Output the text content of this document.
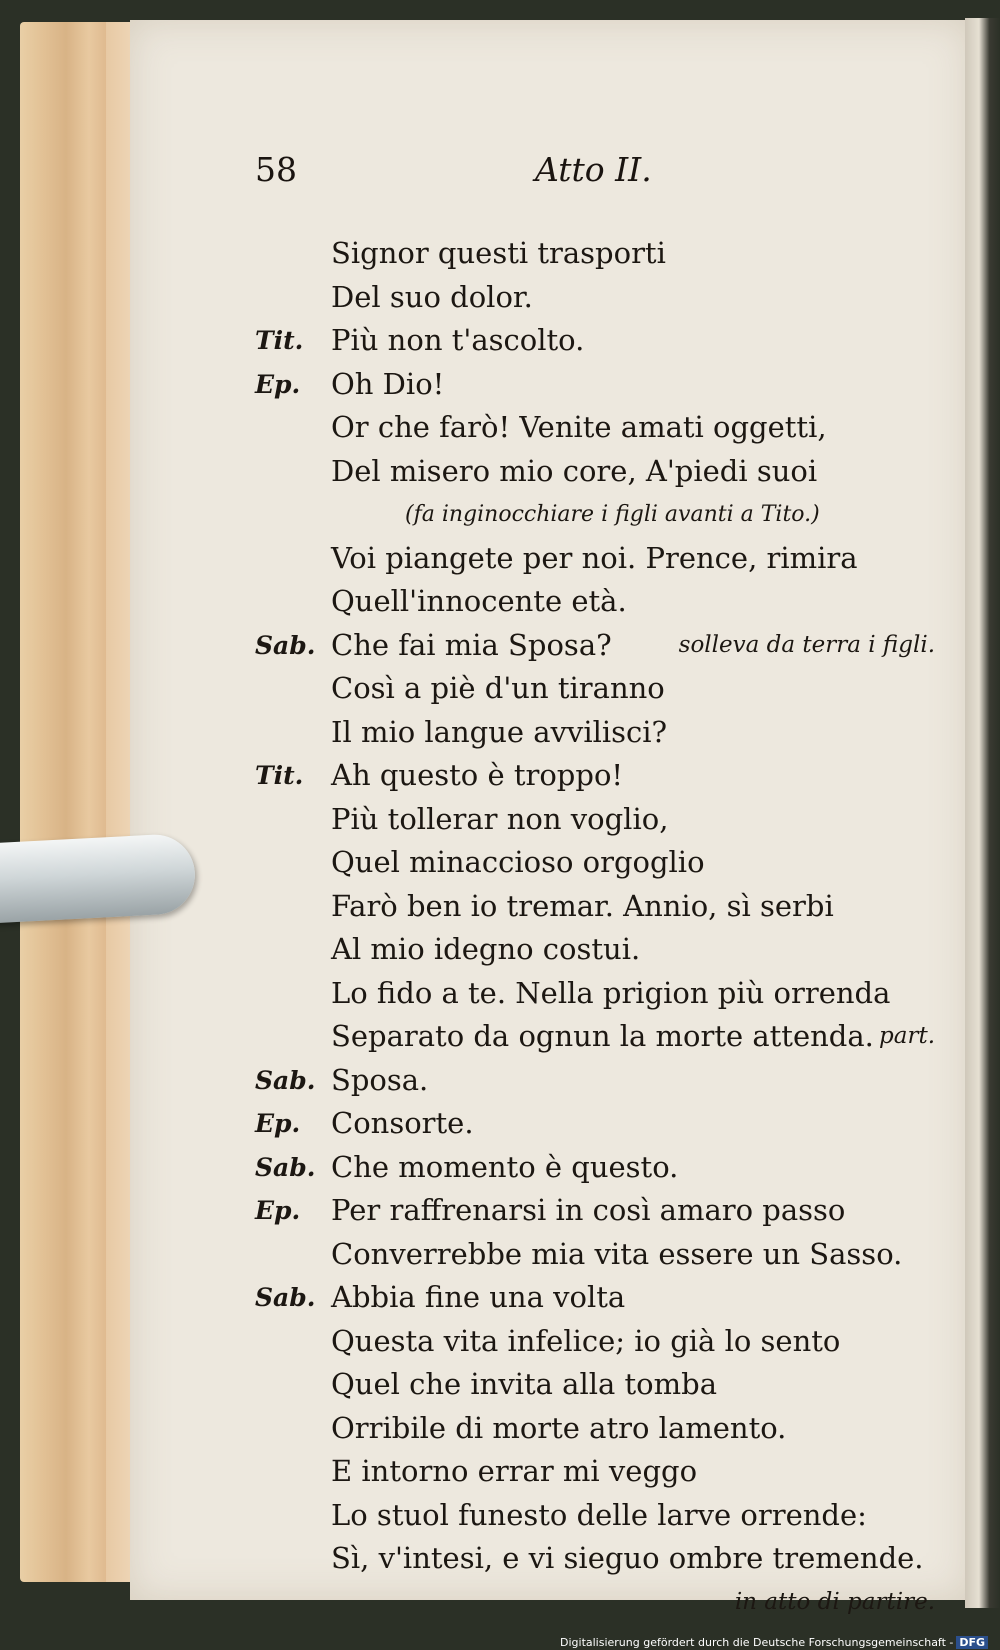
58	Atto II.
Signor questi trasporti
Del suo dolor.
Tit. Più non t'ascolto.
Ep. Oh Dio!
Or che farò! Venite amati oggetti,
Del misero mio core, A'piedi suoi
(fa inginocchiare i figli avanti a Tito.)
Voi piangete per noi. Prence, rimira
Quell'innocente età.
Sab. Che fai mia Sposa?	solleva da terra i figli.
Così a piè d'un tiranno
Il mio langue avvilisci?
Tit. Ah questo è troppo!
Più tollerar non voglio,
Quel minaccioso orgoglio
Farò ben io tremar. Annio, sì serbi
Al mio idegno costui.
Lo fido a te. Nella prigion più orrenda
Separato da ognun la morte attenda. part.
Sab. Sposa.
Ep. Consorte.
Sab. Che momento è questo.
Ep. Per raffrenarsi in così amaro passo
Converrebbe mia vita essere un Sasso.
Sab. Abbia fine una volta
Questa vita infelice; io già lo sento
Quel che invita alla tomba
Orribile di morte atro lamento.
E intorno errar mi veggo
Lo stuol funesto delle larve orrende:
Sì, v'intesi, e vi sieguo ombre tremende.
in atto di partire.
Digitalisierung gefördert durch die Deutsche Forschungsgemeinschaft - DFG
